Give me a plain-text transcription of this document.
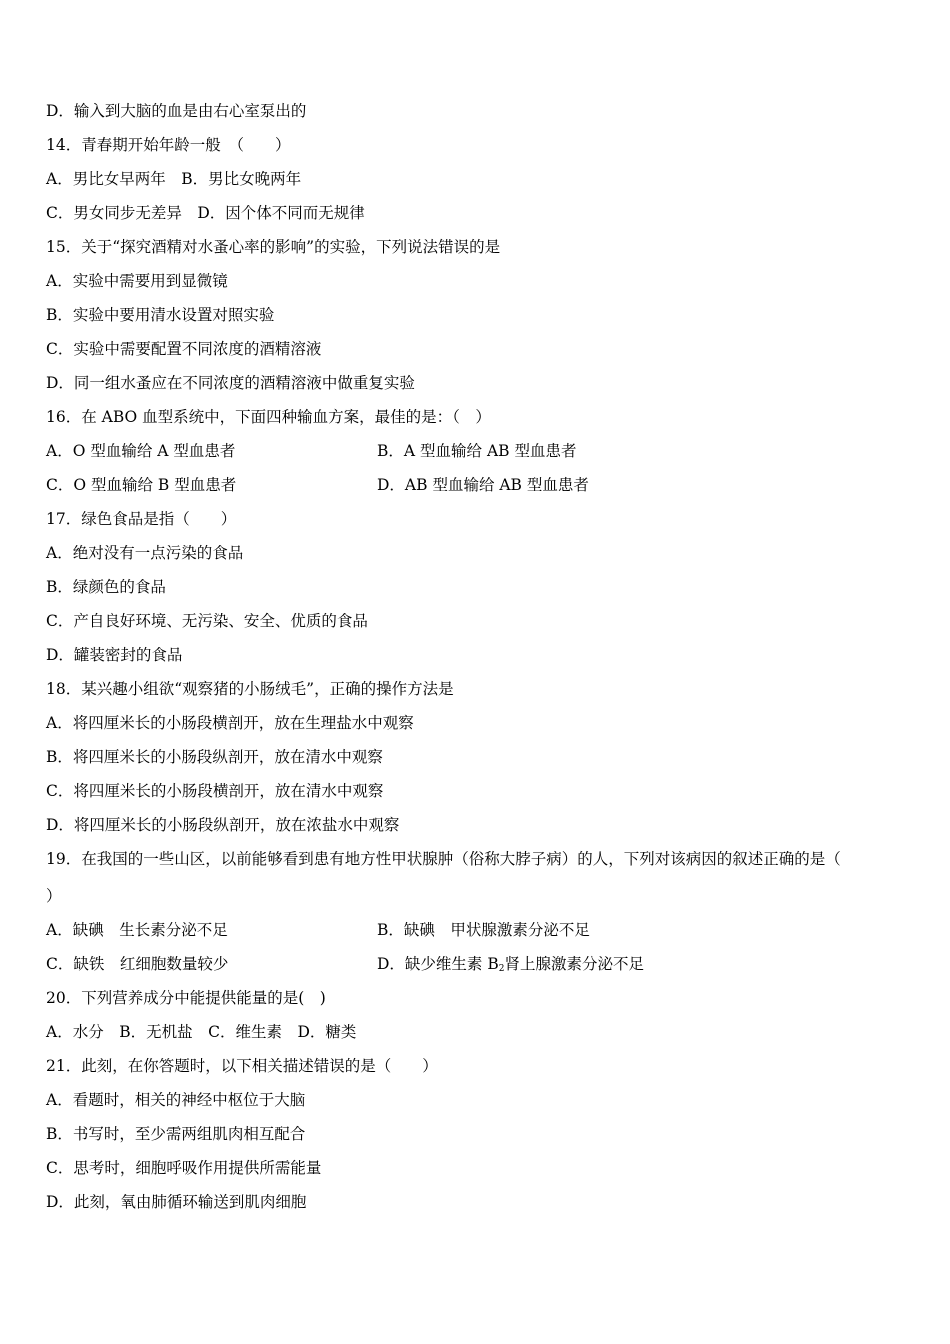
D．输入到大脑的血是由右心室泵出的
14．青春期开始年龄一般　（　　）
A．男比女早两年　B．男比女晚两年
C．男女同步无差异　D．因个体不同而无规律
15．关于“探究酒精对水蚤心率的影响”的实验，下列说法错误的是
A．实验中需要用到显微镜
B．实验中要用清水设置对照实验
C．实验中需要配置不同浓度的酒精溶液
D．同一组水蚤应在不同浓度的酒精溶液中做重复实验
16．在 ABO 血型系统中，下面四种输血方案，最佳的是：（　）
A．O 型血输给 A 型血患者	B．A 型血输给 AB 型血患者
C．O 型血输给 B 型血患者	D．AB 型血输给 AB 型血患者
17．绿色食品是指（　　）
A．绝对没有一点污染的食品
B．绿颜色的食品
C．产自良好环境、无污染、安全、优质的食品
D．罐装密封的食品
18．某兴趣小组欲“观察猪的小肠绒毛”，正确的操作方法是
A．将四厘米长的小肠段横剖开，放在生理盐水中观察
B．将四厘米长的小肠段纵剖开，放在清水中观察
C．将四厘米长的小肠段横剖开，放在清水中观察
D．将四厘米长的小肠段纵剖开，放在浓盐水中观察
19．在我国的一些山区，以前能够看到患有地方性甲状腺肿（俗称大脖子病）的人，下列对该病因的叙述正确的是（
）
A．缺碘　生长素分泌不足	B．缺碘　甲状腺激素分泌不足
C．缺铁　红细胞数量较少	D．缺少维生素 $B_2$肾上腺激素分泌不足
20．下列营养成分中能提供能量的是(　)
A．水分　B．无机盐　C．维生素　D．糖类
21．此刻，在你答题时，以下相关描述错误的是（　　）
A．看题时，相关的神经中枢位于大脑
B．书写时，至少需两组肌肉相互配合
C．思考时，细胞呼吸作用提供所需能量
D．此刻，氧由肺循环输送到肌肉细胞
